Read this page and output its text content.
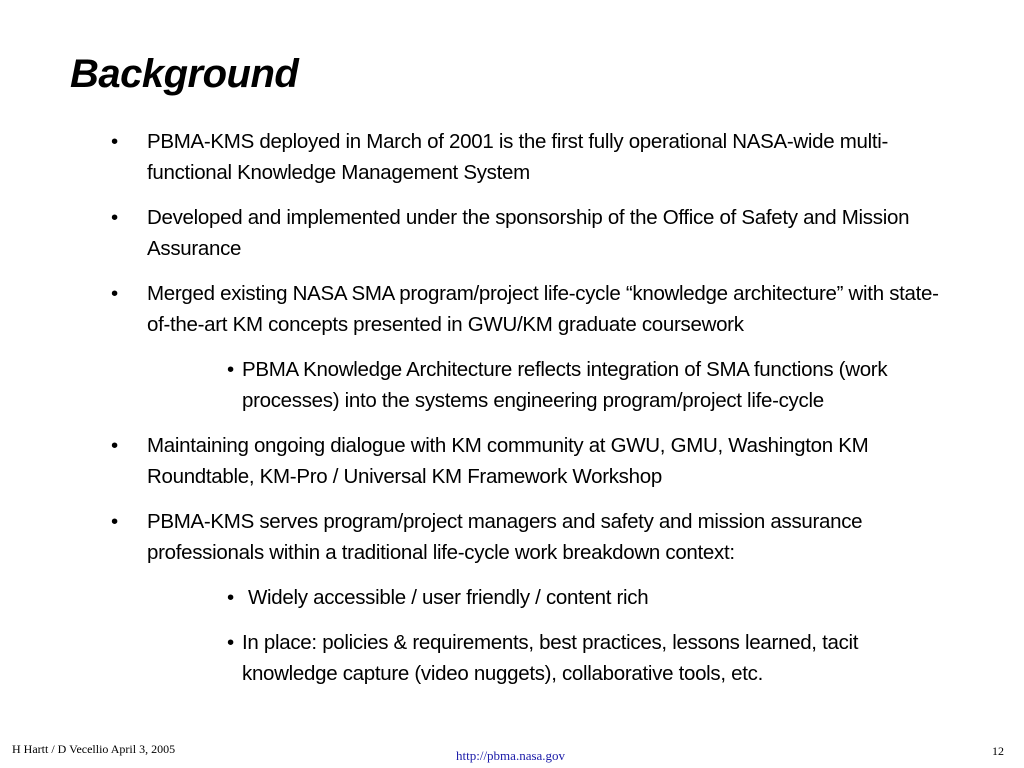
Background
• PBMA-KMS deployed in March of 2001 is the first fully operational NASA-wide multi-functional Knowledge Management System
• Developed and implemented under the sponsorship of the Office of Safety and Mission Assurance
• Merged existing NASA SMA program/project life-cycle “knowledge architecture” with state-of-the-art KM concepts presented in GWU/KM graduate coursework
• PBMA Knowledge Architecture reflects integration of SMA functions (work processes) into the systems engineering program/project life-cycle
• Maintaining ongoing dialogue with KM community at GWU, GMU, Washington KM Roundtable, KM-Pro / Universal KM Framework Workshop
• PBMA-KMS serves program/project managers and safety and mission assurance professionals within a traditional life-cycle work breakdown context:
• Widely accessible / user friendly / content rich
• In place: policies & requirements, best practices, lessons learned, tacit knowledge capture (video nuggets), collaborative tools, etc.
H Hartt / D Vecellio April 3, 2005	http://pbma.nasa.gov	12
